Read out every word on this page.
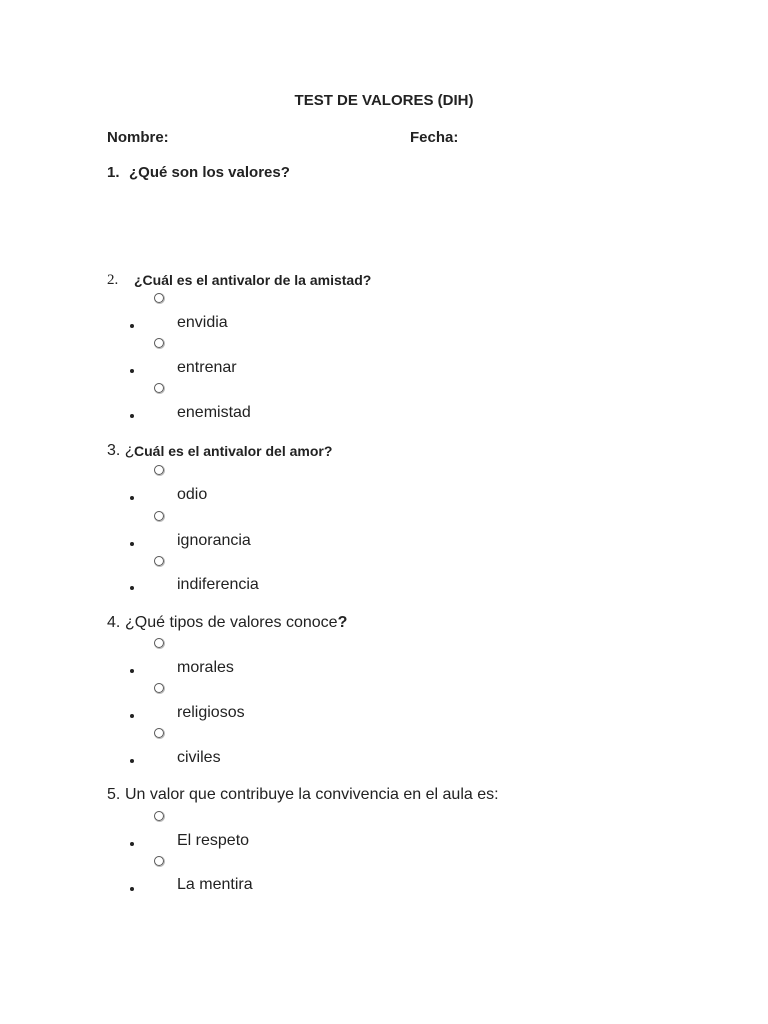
TEST DE VALORES (DIH)
Nombre:	Fecha:
1. ¿Qué son los valores?
2. ¿Cuál es el antivalor de la amistad?
envidia
entrenar
enemistad
3. ¿ Cuál es el antivalor del amor?
odio
ignorancia
indiferencia
4. ¿Qué tipos de valores conoce?
morales
religiosos
civiles
5. Un valor que contribuye la convivencia en el aula es:
El respeto
La mentira
